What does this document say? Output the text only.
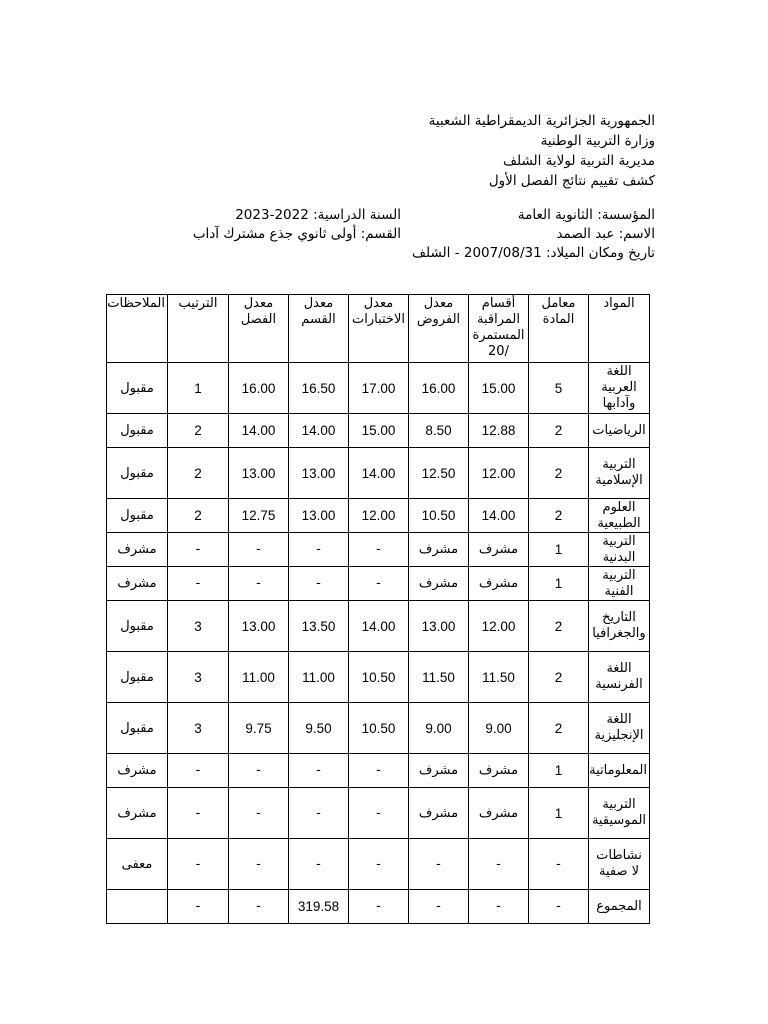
الجمهورية الجزائرية الديمقراطية الشعبية
وزارة التربية الوطنية
مديرية التربية لولاية الشلف
كشف تقييم نتائج الفصل الأول
المؤسسة: الثانوية العامة
السنة الدراسية: 2022-2023
الاسم: عبد الصمد
القسم: أولى ثانوي جذع مشترك آداب
تاريخ ومكان الميلاد: 2007/08/31 - الشلف
المواد	معامل المادة	أقسام المراقبة المستمرة /20	معدل الفروض	معدل الاختبارات	معدل القسم	معدل الفصل	الترتيب	الملاحظات
اللغة العربية وآدابها	5	15.00	16.00	17.00	16.50	16.00	1	مقبول
الرياضيات	2	12.88	8.50	15.00	14.00	14.00	2	مقبول
التربية الإسلامية	2	12.00	12.50	14.00	13.00	13.00	2	مقبول
العلوم الطبيعية	2	14.00	10.50	12.00	13.00	12.75	2	مقبول
التربية البدنية	1	مشرف	مشرف	-	-	-	-	مشرف
التربية الفنية	1	مشرف	مشرف	-	-	-	-	مشرف
التاريخ والجغرافيا	2	12.00	13.00	14.00	13.50	13.00	3	مقبول
اللغة الفرنسية	2	11.50	11.50	10.50	11.00	11.00	3	مقبول
اللغة الإنجليزية	2	9.00	9.00	10.50	9.50	9.75	3	مقبول
المعلوماتية	1	مشرف	مشرف	-	-	-	-	مشرف
التربية الموسيقية	1	مشرف	مشرف	-	-	-	-	مشرف
نشاطات لا صفية	-	-	-	-	-	-	-	معفى
المجموع	-	-	-	-	319.58	-	-	
